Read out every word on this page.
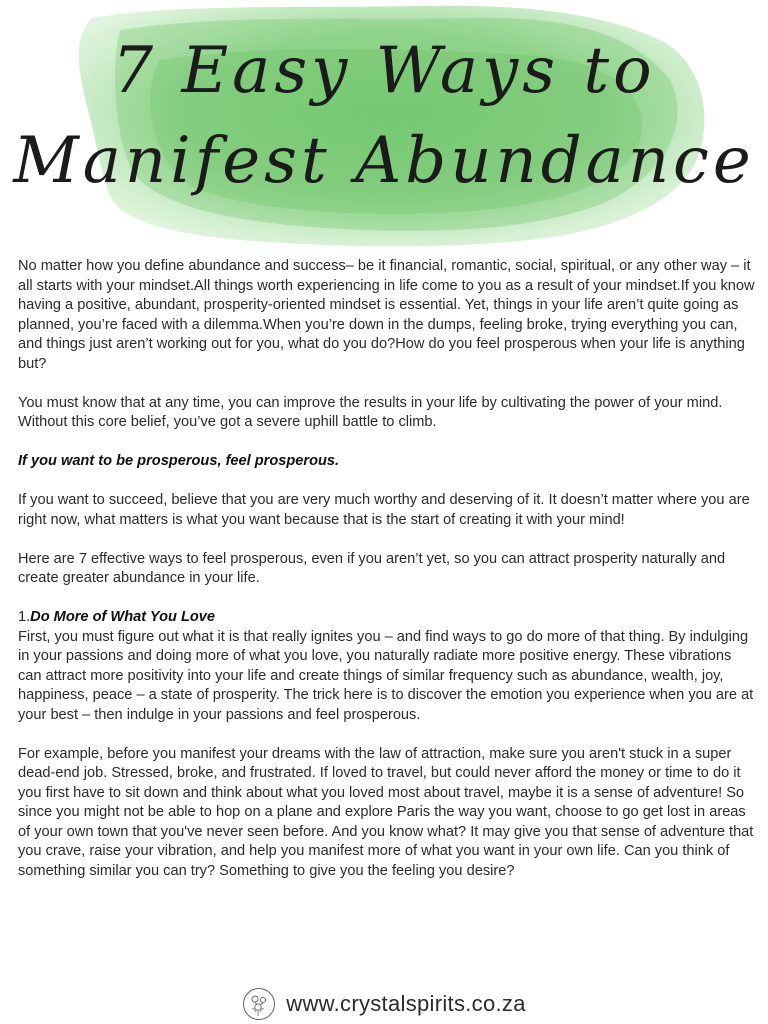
7 Easy Ways to
Manifest Abundance

No matter how you define abundance and success– be it financial, romantic, social, spiritual, or any other way – it all starts with your mindset.All things worth experiencing in life come to you as a result of your mindset.If you know having a positive, abundant, prosperity-oriented mindset is essential. Yet, things in your life aren’t quite going as planned, you’re faced with a dilemma.When you’re down in the dumps, feeling broke, trying everything you can, and things just aren’t working out for you, what do you do?How do you feel prosperous when your life is anything but?

You must know that at any time, you can improve the results in your life by cultivating the power of your mind. Without this core belief, you’ve got a severe uphill battle to climb.

If you want to be prosperous, feel prosperous.

If you want to succeed, believe that you are very much worthy and deserving of it. It doesn’t matter where you are right now, what matters is what you want because that is the start of creating it with your mind!

Here are 7 effective ways to feel prosperous, even if you aren’t yet, so you can attract prosperity naturally and create greater abundance in your life.

1.Do More of What You Love

First, you must figure out what it is that really ignites you – and find ways to go do more of that thing. By indulging in your passions and doing more of what you love, you naturally radiate more positive energy. These vibrations can attract more positivity into your life and create things of similar frequency such as abundance, wealth, joy, happiness, peace – a state of prosperity. The trick here is to discover the emotion you experience when you are at your best – then indulge in your passions and feel prosperous.

For example, before you manifest your dreams with the law of attraction, make sure you aren't stuck in a super dead-end job. Stressed, broke, and frustrated. If loved to travel, but could never afford the money or time to do it you first have to sit down and think about what you loved most about travel, maybe it is a sense of adventure! So since you might not be able to hop on a plane and explore Paris the way you want, choose to go get lost in areas of your own town that you've never seen before. And you know what? It may give you that sense of adventure that you crave, raise your vibration, and help you manifest more of what you want in your own life. Can you think of something similar you can try? Something to give you the feeling you desire?

www.crystalspirits.co.za
